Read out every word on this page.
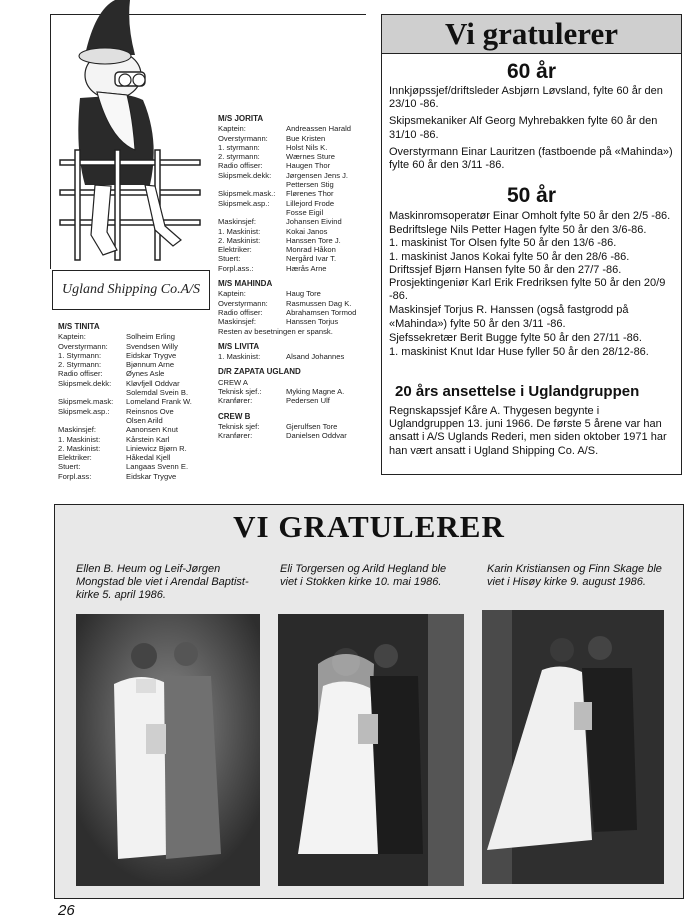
Ugland Shipping Co.A/S
M/S TINITA
Kaptein:	Solheim Erling
Overstyrmann:	Svendsen Willy
1. Styrmann:	Eidskar Trygve
2. Styrmann:	Bjønnum Arne
Radio offiser:	Øynes Asle
Skipsmek.dekk:	Kløvfjell Oddvar
Solemdal Svein B.
Skipsmek.mask:	Lomeland Frank W.
Skipsmek.asp.:	Reinsnos Ove
Olsen Arild
Maskinsjef:	Aanonsen Knut
1. Maskinist:	Kårstein Karl
2. Maskinist:	Liniewicz Bjørn R.
Elektriker:	Håkedal Kjell
Stuert:	Langaas Svenn E.
Forpl.ass:	Eidskar Trygve
M/S JORITA
Kaptein:	Andreassen Harald
Overstyrmann:	Bue Kristen
1. styrmann:	Holst Nils K.
2. styrmann:	Wærnes Sture
Radio offiser:	Haugen Thor
Skipsmek.dekk:	Jørgensen Jens J.
Pettersen Stig
Skipsmek.mask.:	Flørenes Thor
Skipsmek.asp.:	Lillejord Frode
Fosse Eigil
Maskinsjef:	Johansen Eivind
1. Maskinist:	Kokai Janos
2. Maskinist:	Hanssen Tore J.
Elektriker:	Monrad Håkon
Stuert:	Nergård Ivar T.
Forpl.ass.:	Hærås Arne
M/S MAHINDA
Kaptein:	Haug Tore
Overstyrmann:	Rasmussen Dag K.
Radio offiser:	Abrahamsen Tormod
Maskinsjef:	Hanssen Torjus
Resten av besetningen er spansk.
M/S LIVITA
1. Maskinist:	Alsand Johannes
D/R ZAPATA UGLAND
CREW A
Teknisk sjef.:	Myking Magne A.
Kranfører:	Pedersen Ulf
CREW B
Teknisk sjef:	Gjerulfsen Tore
Kranfører:	Danielsen Oddvar
Vi gratulerer
60 år
Innkjøpssjef/driftsleder Asbjørn Løvsland, fylte 60 år den 23/10 -86.
Skipsmekaniker Alf Georg Myhrebakken fylte 60 år den 31/10 -86.
Overstyrmann Einar Lauritzen (fastboende på «Mahinda») fylte 60 år den 3/11 -86.
50 år
Maskinromsoperatør Einar Omholt fylte 50 år den 2/5 -86.
Bedriftslege Nils Petter Hagen fylte 50 år den 3/6-86.
1. maskinist Tor Olsen fylte 50 år den 13/6 -86.
1. maskinist Janos Kokai fylte 50 år den 28/6 -86.
Driftssjef Bjørn Hansen fylte 50 år den 27/7 -86.
Prosjektingeniør Karl Erik Fredriksen fylte 50 år den 20/9 -86.
Maskinsjef Torjus R. Hanssen (også fastgrodd på «Mahinda») fylte 50 år den 3/11 -86.
Sjefssekretær Berit Bugge fylte 50 år den 27/11 -86.
1. maskinist Knut Idar Huse fyller 50 år den 28/12-86.
20 års ansettelse i Uglandgruppen
Regnskapssjef Kåre A. Thygesen begynte i Uglandgruppen 13. juni 1966. De første 5 årene var han ansatt i A/S Uglands Rederi, men siden oktober 1971 har han vært ansatt i Ugland Shipping Co. A/S.
VI GRATULERER
Ellen B. Heum og Leif-Jørgen Mongstad ble viet i Arendal Baptist-kirke 5. april 1986.
Eli Torgersen og Arild Hegland ble viet i Stokken kirke 10. mai 1986.
Karin Kristiansen og Finn Skage ble viet i Hisøy kirke 9. august 1986.
26
